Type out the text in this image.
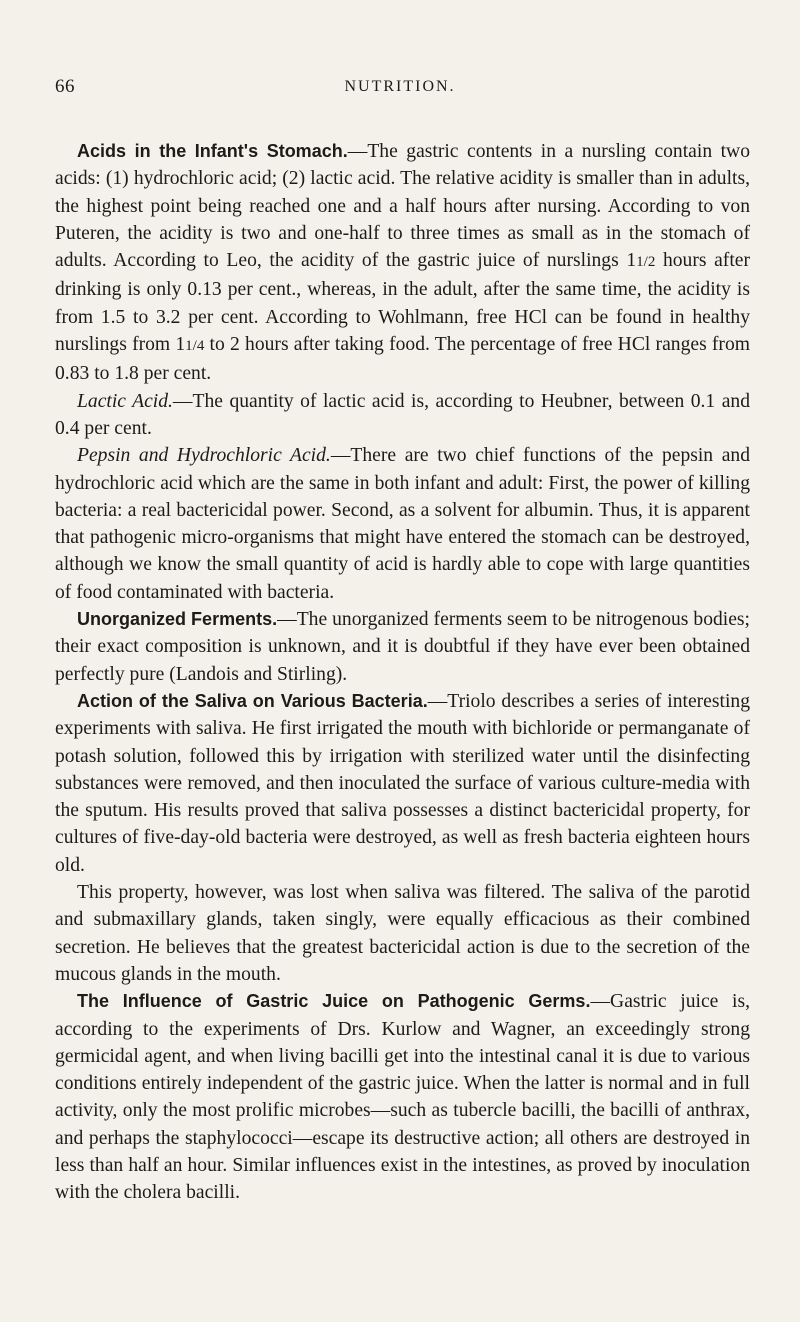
66	NUTRITION.

Acids in the Infant's Stomach.—The gastric contents in a nursling contain two acids: (1) hydrochloric acid; (2) lactic acid. The relative acidity is smaller than in adults, the highest point being reached one and a half hours after nursing. According to von Puteren, the acidity is two and one-half to three times as small as in the stomach of adults. According to Leo, the acidity of the gastric juice of nurslings 11/2 hours after drinking is only 0.13 per cent., whereas, in the adult, after the same time, the acidity is from 1.5 to 3.2 per cent. According to Wohlmann, free HCl can be found in healthy nurslings from 11/4 to 2 hours after taking food. The percentage of free HCl ranges from 0.83 to 1.8 per cent.

Lactic Acid.—The quantity of lactic acid is, according to Heubner, between 0.1 and 0.4 per cent.

Pepsin and Hydrochloric Acid.—There are two chief functions of the pepsin and hydrochloric acid which are the same in both infant and adult: First, the power of killing bacteria: a real bactericidal power. Second, as a solvent for albumin. Thus, it is apparent that pathogenic micro-organisms that might have entered the stomach can be destroyed, although we know the small quantity of acid is hardly able to cope with large quantities of food contaminated with bacteria.

Unorganized Ferments.—The unorganized ferments seem to be nitrogenous bodies; their exact composition is unknown, and it is doubtful if they have ever been obtained perfectly pure (Landois and Stirling).

Action of the Saliva on Various Bacteria.—Triolo describes a series of interesting experiments with saliva. He first irrigated the mouth with bichloride or permanganate of potash solution, followed this by irrigation with sterilized water until the disinfecting substances were removed, and then inoculated the surface of various culture-media with the sputum. His results proved that saliva possesses a distinct bactericidal property, for cultures of five-day-old bacteria were destroyed, as well as fresh bacteria eighteen hours old.

This property, however, was lost when saliva was filtered. The saliva of the parotid and submaxillary glands, taken singly, were equally efficacious as their combined secretion. He believes that the greatest bactericidal action is due to the secretion of the mucous glands in the mouth.

The Influence of Gastric Juice on Pathogenic Germs.—Gastric juice is, according to the experiments of Drs. Kurlow and Wagner, an exceedingly strong germicidal agent, and when living bacilli get into the intestinal canal it is due to various conditions entirely independent of the gastric juice. When the latter is normal and in full activity, only the most prolific microbes—such as tubercle bacilli, the bacilli of anthrax, and perhaps the staphylococci—escape its destructive action; all others are destroyed in less than half an hour. Similar influences exist in the intestines, as proved by inoculation with the cholera bacilli.
